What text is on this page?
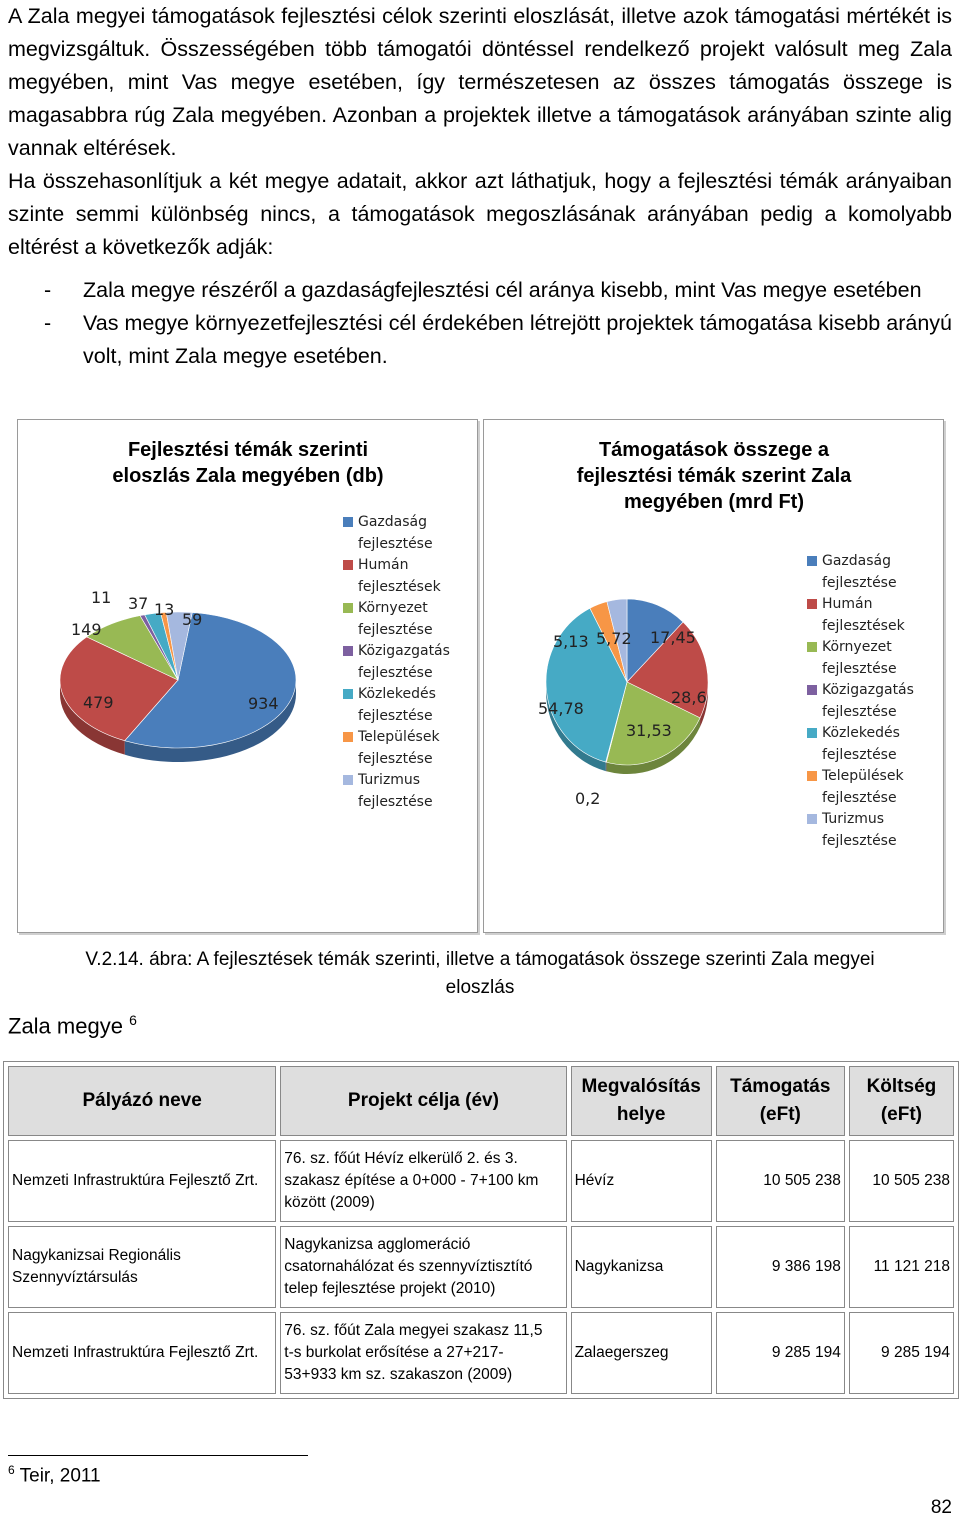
A Zala megyei támogatások fejlesztési célok szerinti eloszlását, illetve azok támogatási mértékét is megvizsgáltuk. Összességében több támogatói döntéssel rendelkező projekt valósult meg Zala megyében, mint Vas megye esetében, így természetesen az összes támogatás összege is magasabbra rúg Zala megyében. Azonban a projektek illetve a támogatások arányában szinte alig vannak eltérések.

Ha összehasonlítjuk a két megye adatait, akkor azt láthatjuk, hogy a fejlesztési témák arányaiban szinte semmi különbség nincs, a támogatások megoszlásának arányában pedig a komolyabb eltérést a következők adják:

-	Zala megye részéről a gazdaságfejlesztési cél aránya kisebb, mint Vas megye esetében
-	Vas megye környezetfejlesztési cél érdekében létrejött projektek támogatása kisebb arányú volt, mint Zala megye esetében.
Fejlesztési témák szerinti
eloszlás Zala megyében (db)
934
479
149
11 37 13
59
Gazdaság
fejlesztése
Humán
fejlesztések
Környezet
fejlesztése
Közigazgatás
fejlesztése
Közlekedés
fejlesztése
Települések
fejlesztése
Turizmus
fejlesztése
Támogatások összege a
fejlesztési témák szerint Zala
megyében (mrd Ft)
17,45
28,6
31,53
0,2
54,78
5,13 5,72
Gazdaság
fejlesztése
Humán
fejlesztések
Környezet
fejlesztése
Közigazgatás
fejlesztése
Közlekedés
fejlesztése
Települések
fejlesztése
Turizmus
fejlesztése
V.2.14. ábra: A fejlesztések témák szerinti, illetve a támogatások összege szerinti Zala megyei
eloszlás
Zala megye $^6$
Pályázó neve	Projekt célja (év)	Megvalósítás
helye	Támogatás
(eFt)	Költség
(eFt)
Nemzeti Infrastruktúra Fejlesztő Zrt.	76. sz. főút Hévíz elkerülő 2. és 3.
szakasz építése a 0+000 - 7+100 km
között (2009)	Hévíz	10 505 238	10 505 238
Nagykanizsai Regionális
Szennyvíztársulás	Nagykanizsa agglomeráció
csatornahálózat és szennyvíztisztító
telep fejlesztése projekt (2010)	Nagykanizsa	9 386 198	11 121 218
Nemzeti Infrastruktúra Fejlesztő Zrt.	76. sz. főút Zala megyei szakasz 11,5
t-s burkolat erősítése a 27+217-
53+933 km sz. szakaszon (2009)	Zalaegerszeg	9 285 194	9 285 194
$^6$ Teir, 2011
82
